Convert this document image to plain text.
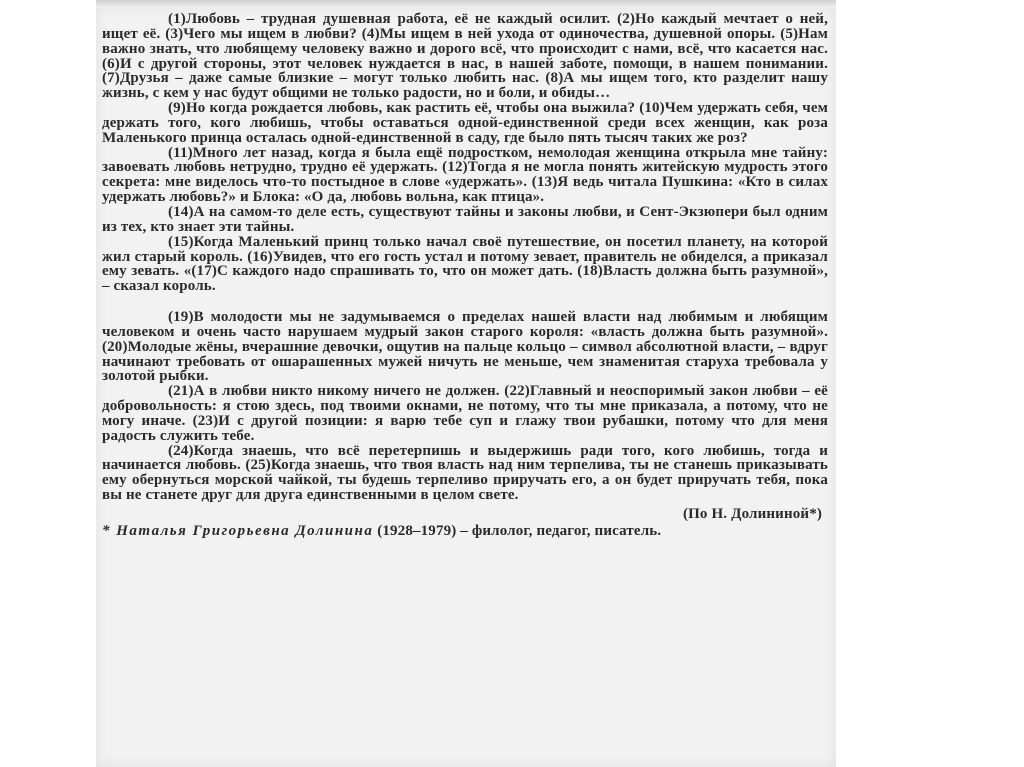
(1)Любовь – трудная душевная работа, её не каждый осилит. (2)Но каждый мечтает о ней, ищет её. (3)Чего мы ищем в любви? (4)Мы ищем в ней ухода от одиночества, душевной опоры. (5)Нам важно знать, что любящему человеку важно и дорого всё, что происходит с нами, всё, что касается нас. (6)И с другой стороны, этот человек нуждается в нас, в нашей заботе, помощи, в нашем понимании. (7)Друзья – даже самые близкие – могут только любить нас. (8)А мы ищем того, кто разделит нашу жизнь, с кем у нас будут общими не только радости, но и боли, и обиды…

(9)Но когда рождается любовь, как растить её, чтобы она выжила? (10)Чем удержать себя, чем держать того, кого любишь, чтобы оставаться одной-единственной среди всех женщин, как роза Маленького принца осталась одной-единственной в саду, где было пять тысяч таких же роз?

(11)Много лет назад, когда я была ещё подростком, немолодая женщина открыла мне тайну: завоевать любовь нетрудно, трудно её удержать. (12)Тогда я не могла понять житейскую мудрость этого секрета: мне виделось что-то постыдное в слове «удержать». (13)Я ведь читала Пушкина: «Кто в силах удержать любовь?» и Блока: «О да, любовь вольна, как птица».

(14)А на самом-то деле есть, существуют тайны и законы любви, и Сент-Экзюпери был одним из тех, кто знает эти тайны.

(15)Когда Маленький принц только начал своё путешествие, он посетил планету, на которой жил старый король. (16)Увидев, что его гость устал и потому зевает, правитель не обиделся, а приказал ему зевать. «(17)С каждого надо спрашивать то, что он может дать. (18)Власть должна быть разумной», – сказал король.

(19)В молодости мы не задумываемся о пределах нашей власти над любимым и любящим человеком и очень часто нарушаем мудрый закон старого короля: «власть должна быть разумной». (20)Молодые жёны, вчерашние девочки, ощутив на пальце кольцо – символ абсолютной власти, – вдруг начинают требовать от ошарашенных мужей ничуть не меньше, чем знаменитая старуха требовала у золотой рыбки.

(21)А в любви никто никому ничего не должен. (22)Главный и неоспоримый закон любви – её добровольность: я стою здесь, под твоими окнами, не потому, что ты мне приказала, а потому, что не могу иначе. (23)И с другой позиции: я варю тебе суп и глажу твои рубашки, потому что для меня радость служить тебе.

(24)Когда знаешь, что всё перетерпишь и выдержишь ради того, кого любишь, тогда и начинается любовь. (25)Когда знаешь, что твоя власть над ним терпелива, ты не станешь приказывать ему обернуться морской чайкой, ты будешь терпеливо приручать его, а он будет приручать тебя, пока вы не станете друг для друга единственными в целом свете.

(По Н. Долининой*)

* Наталья Григорьевна Долинина (1928–1979) – филолог, педагог, писатель.
